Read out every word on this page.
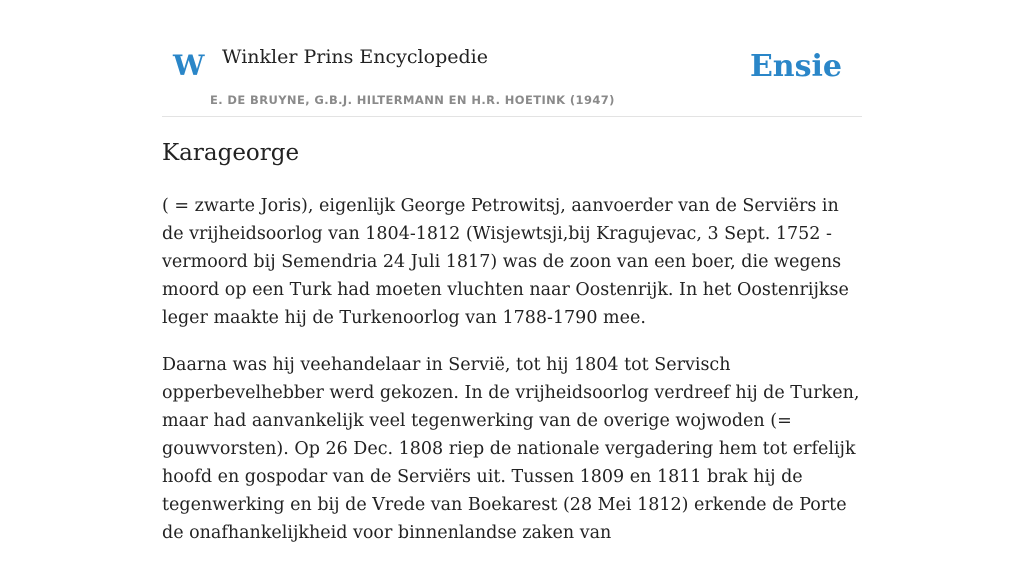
W Winkler Prins Encyclopedie
E. DE BRUYNE, G.B.J. HILTERMANN EN H.R. HOETINK (1947)
Ensie
Karageorge

( = zwarte Joris), eigenlijk George Petrowitsj, aanvoerder van de Serviërs in de vrijheidsoorlog van 1804-1812 (Wisjewtsji,bij Kragujevac, 3 Sept. 1752 - vermoord bij Semendria 24 Juli 1817) was de zoon van een boer, die wegens moord op een Turk had moeten vluchten naar Oostenrijk. In het Oostenrijkse leger maakte hij de Turkenoorlog van 1788-1790 mee.

Daarna was hij veehandelaar in Servië, tot hij 1804 tot Servisch opperbevelhebber werd gekozen. In de vrijheidsoorlog verdreef hij de Turken, maar had aanvankelijk veel tegenwerking van de overige wojwoden (= gouwvorsten). Op 26 Dec. 1808 riep de nationale vergadering hem tot erfelijk hoofd en gospodar van de Serviërs uit. Tussen 1809 en 1811 brak hij de tegenwerking en bij de Vrede van Boekarest (28 Mei 1812) erkende de Porte de onafhankelijkheid voor binnenlandse zaken van
